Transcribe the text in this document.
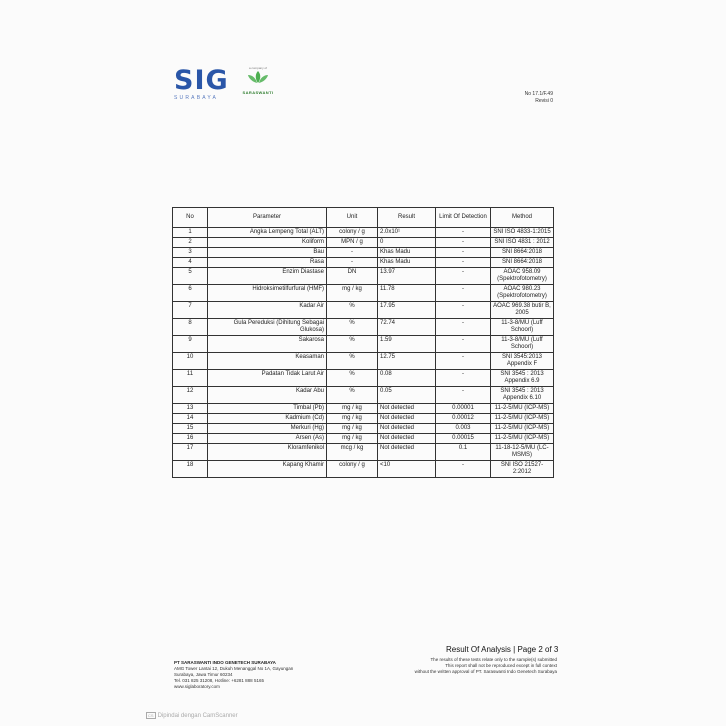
SIG
SURABAYA
a company of
SARASWANTI	No 17.1/F.49
Revisi 0
No	Parameter	Unit	Result	Limit Of Detection	Method
1	Angka Lempeng Total (ALT)	colony / g	2.0x10¹	-	SNI ISO 4833-1:2015
2	Koliform	MPN / g	0	-	SNI ISO 4831 : 2012
3	Bau	-	Khas Madu	-	SNI 8664:2018
4	Rasa	-	Khas Madu	-	SNI 8664:2018
5	Enzim Diastase	DN	13.97	-	AOAC 958.09 (Spektrofotometry)
6	Hidroksimetilfurfural (HMF)	mg / kg	11.78	-	AOAC 980.23 (Spektrofotometry)
7	Kadar Air	%	17.95	-	AOAC 969.38 butir B, 2005
8	Gula Pereduksi (Dihitung Sebagai Glukosa)	%	72.74	-	11-3-8/MU (Luff Schoorl)
9	Sakarosa	%	1.59	-	11-3-8/MU (Luff Schoorl)
10	Keasaman	%	12.75	-	SNI 3545:2013 Appendix F
11	Padatan Tidak Larut Air	%	0.08	-	SNI 3545 : 2013 Appendix 6.9
12	Kadar Abu	%	0.05	-	SNI 3545 : 2013 Appendix 6.10
13	Timbal (Pb)	mg / kg	Not detected	0.00001	11-2-5/MU (ICP-MS)
14	Kadmium (Cd)	mg / kg	Not detected	0.00012	11-2-5/MU (ICP-MS)
15	Merkuri (Hg)	mg / kg	Not detected	0.003	11-2-5/MU (ICP-MS)
16	Arsen (As)	mg / kg	Not detected	0.00015	11-2-5/MU (ICP-MS)
17	Kloramfenikol	mcg / kg	Not detected	0.1	11-18-12-5/MU (LC-MSMS)
18	Kapang Khamir	colony / g	<10	-	SNI ISO 21527-2:2012
PT SARASWANTI INDO GENETECH SURABAYA
AMG Tower Lantai 12, Dukuh Menanggal No 1A, Gayungan
Surabaya, Jawa Timur 60234
Tel. 031 825 31208, Hotline: +6281 888 5165
www.siglaboratory.com
Result Of Analysis | Page 2 of 3
The results of these tests relate only to the sample(s) submitted
This report shall not be reproduced except in full context
without the written approval of PT. Saraswanti Indo Genetech Surabaya
CS Dipindai dengan CamScanner
